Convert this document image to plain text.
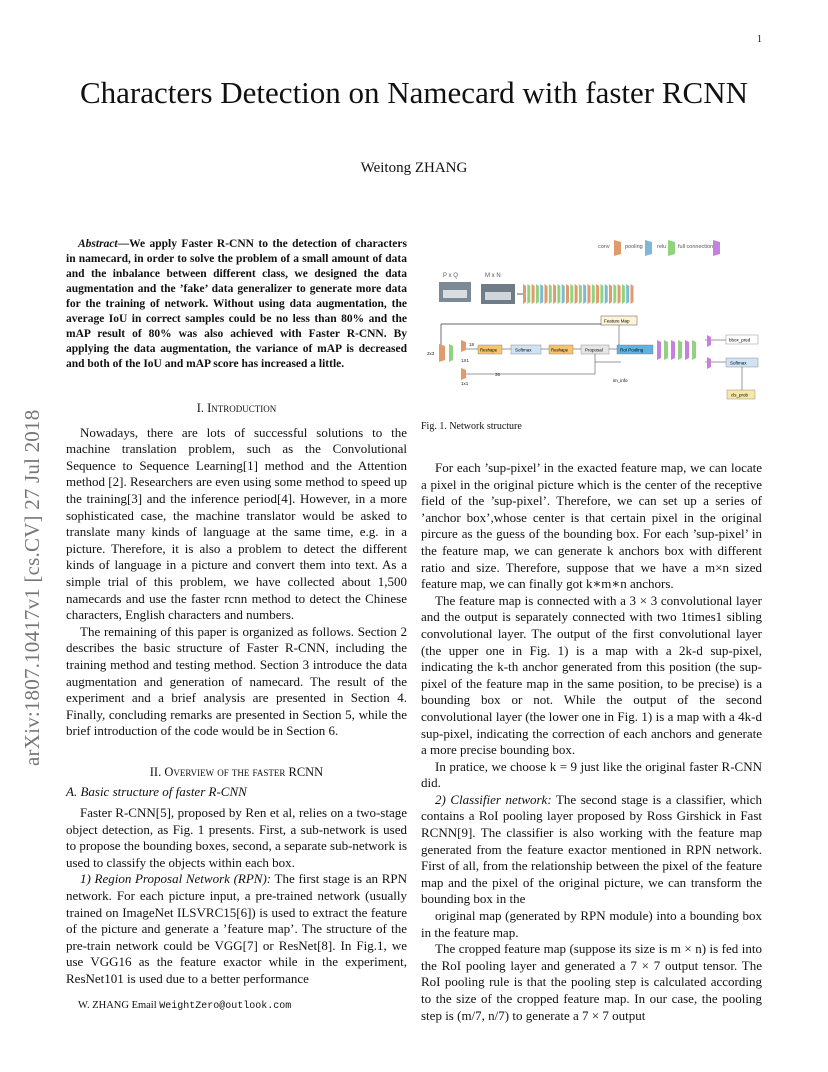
1
Characters Detection on Namecard with faster RCNN
Weitong ZHANG
arXiv:1807.10417v1 [cs.CV] 27 Jul 2018

Abstract—We apply Faster R-CNN to the detection of characters in namecard, in order to solve the problem of a small amount of data and the inbalance between different class, we designed the data augmentation and the ’fake’ data generalizer to generate more data for the training of network. Without using data augmentation, the average IoU in correct samples could be no less than 80% and the mAP result of 80% was also achieved with Faster R-CNN. By applying the data augmentation, the variance of mAP is decreased and both of the IoU and mAP score has increased a little.

I. Introduction

Nowadays, there are lots of successful solutions to the machine translation problem, such as the Convolutional Sequence to Sequence Learning[1] method and the Attention method [2]. Researchers are even using some method to speed up the training[3] and the inference period[4]. However, in a more sophisticated case, the machine translator would be asked to translate many kinds of language at the same time, e.g. in a picture. Therefore, it is also a problem to detect the different kinds of language in a picture and convert them into text. As a simple trial of this problem, we have collected about 1,500 namecards and use the faster rcnn method to detect the Chinese characters, English characters and numbers.

The remaining of this paper is organized as follows. Section 2 describes the basic structure of Faster R-CNN, including the training method and testing method. Section 3 introduce the data augmentation and generation of namecard. The result of the experiment and a brief analysis are presented in Section 4. Finally, concluding remarks are presented in Section 5, while the brief introduction of the code would be in Section 6.

II. Overview of the faster RCNN

A. Basic structure of faster R-CNN

Faster R-CNN[5], proposed by Ren et al, relies on a two-stage object detection, as Fig. 1 presents. First, a sub-network is used to propose the bounding boxes, second, a separate sub-network is used to classify the objects within each box.

1) Region Proposal Network (RPN): The first stage is an RPN network. For each picture input, a pre-trained network (usually trained on ImageNet ILSVRC15[6]) is used to extract the feature of the picture and generate a ’feature map’. The structure of the pre-train network could be VGG[7] or ResNet[8]. In Fig.1, we use VGG16 as the feature exactor while in the experiment, ResNet101 is used due to a better performance

conv	pooling	relu full connection
P x Q	M x N
Feature Map
3x3
18
1X1
36
1x1
Reshape	Softmax	Reshape	Proposal	RoI Pooling
im_info
bbox_pred
Softmax
cls_prob
Fig. 1. Network structure

For each ’sup-pixel’ in the exacted feature map, we can locate a pixel in the original picture which is the center of the receptive field of the ’sup-pixel’. Therefore, we can set up a series of ’anchor box’,whose center is that certain pixel in the original pircure as the guess of the bounding box. For each ’sup-pixel’ in the feature map, we can generate k anchors box with different ratio and size. Therefore, suppose that we have a m×n sized feature map, we can finally got k∗m∗n anchors.

The feature map is connected with a 3 × 3 convolutional layer and the output is separately connected with two 1times1 sibling convolutional layer. The output of the first convolutional layer (the upper one in Fig. 1) is a map with a 2k-d sup-pixel, indicating the k-th anchor generated from this position (the sup-pixel of the feature map in the same position, to be precise) is a bounding box or not. While the output of the second convolutional layer (the lower one in Fig. 1) is a map with a 4k-d sup-pixel, indicating the correction of each anchors and generate a more precise bounding box.

In pratice, we choose k = 9 just like the original faster R-CNN did.

2) Classifier network: The second stage is a classifier, which contains a RoI pooling layer proposed by Ross Girshick in Fast RCNN[9]. The classifier is also working with the feature map generated from the feature exactor mentioned in RPN network. First of all, from the relationship between the pixel of the feature map and the pixel of the original picture, we can transform the bounding box in the

original map (generated by RPN module) into a bounding box in the feature map.

The cropped feature map (suppose its size is m × n) is fed into the RoI pooling layer and generated a 7 × 7 output tensor. The RoI pooling rule is that the pooling step is calculated according to the size of the cropped feature map. In our case, the pooling step is (m/7, n/7) to generate a 7 × 7 output

W. ZHANG Email WeightZero@outlook.com
